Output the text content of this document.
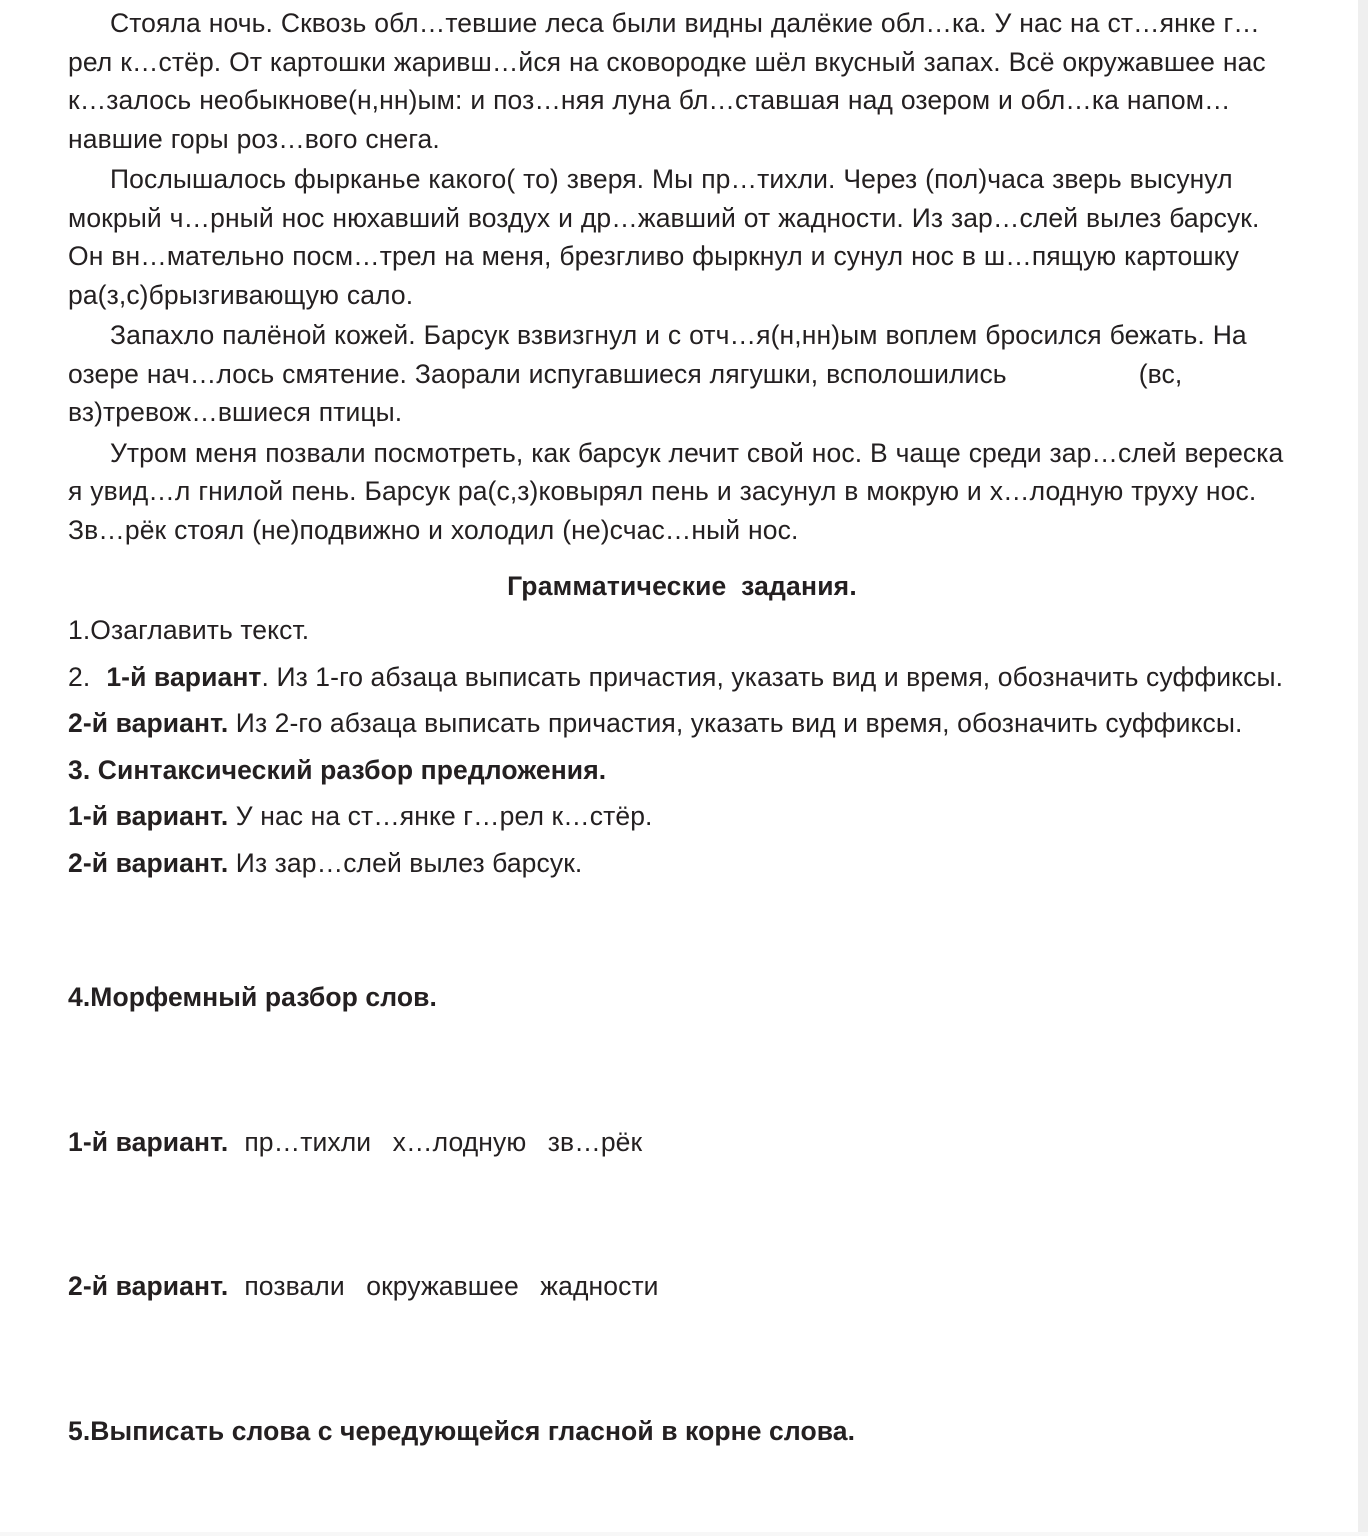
Стояла ночь. Сквозь обл…тевшие леса были видны далёкие обл…ка. У нас на ст…янке г…рел к…стёр. От картошки жаривш…йся на сковородке шёл вкусный запах. Всё окружавшее нас к…залось необыкнове(н,нн)ым: и поз…няя луна бл…ставшая над озером и обл…ка напом…навшие горы роз…вого снега.

Послышалось фырканье какого( то) зверя. Мы пр…тихли. Через (пол)часа зверь высунул мокрый ч…рный нос нюхавший воздух и др…жавший от жадности. Из зар…слей вылез барсук. Он вн…мательно посм…трел на меня, брезгливо фыркнул и сунул нос в ш…пящую картошку ра(з,с)брызгивающую сало.

Запахло палёной кожей. Барсук взвизгнул и с отч…я(н,нн)ым воплем бросился бежать. На озере нач…лось смятение. Заорали испугавшиеся лягушки, всполошились	(вс, вз)тревож…вшиеся птицы.

Утром меня позвали посмотреть, как барсук лечит свой нос. В чаще среди зар…слей вереска я увид…л гнилой пень. Барсук ра(с,з)ковырял пень и засунул в мокрую и х…лодную труху нос. Зв…рёк стоял (не)подвижно и холодил (не)счас…ный нос.

Грамматические задания.

1.Озаглавить текст.

2. 1-й вариант. Из 1-го абзаца выписать причастия, указать вид и время, обозначить суффиксы.

2-й вариант. Из 2-го абзаца выписать причастия, указать вид и время, обозначить суффиксы.

3. Синтаксический разбор предложения.

1-й вариант. У нас на ст…янке г…рел к…стёр.

2-й вариант. Из зар…слей вылез барсук.

4.Морфемный разбор слов.

1-й вариант. пр…тихли х…лодную зв…рёк

2-й вариант. позвали окружавшее жадности

5.Выписать слова с чередующейся гласной в корне слова.
